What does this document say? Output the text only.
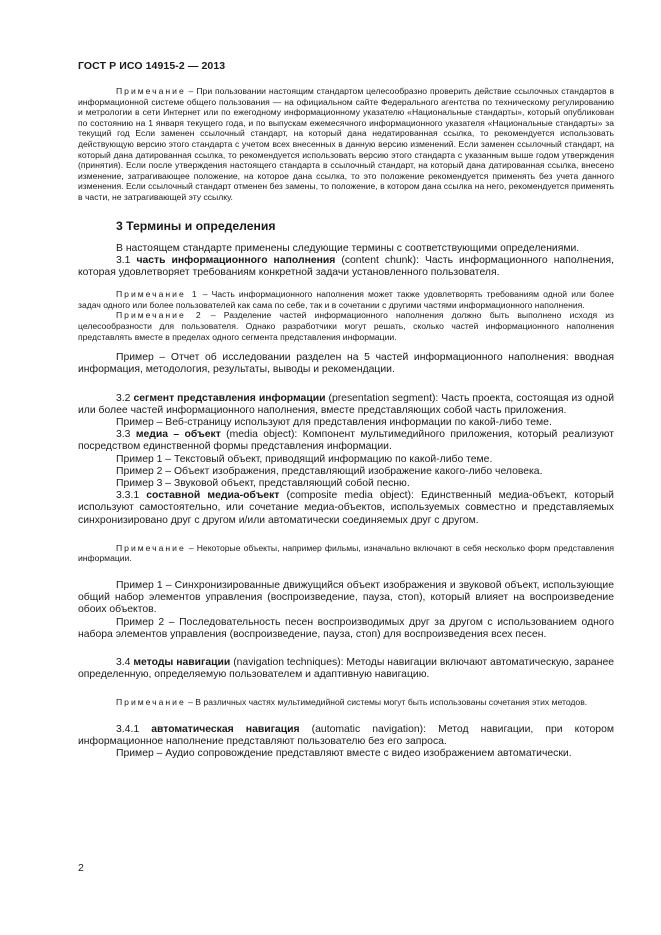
ГОСТ Р ИСО 14915-2 — 2013

Примечание – При пользовании настоящим стандартом целесообразно проверить действие ссылочных стандартов в информационной системе общего пользования — на официальном сайте Федерального агентства по техническому регулированию и метрологии в сети Интернет или по ежегодному информационному указателю «Национальные стандарты», который опубликован по состоянию на 1 января текущего года, и по выпускам ежемесячного информационного указателя «Национальные стандарты» за текущий год Если заменен ссылочный стандарт, на который дана недатированная ссылка, то рекомендуется использовать действующую версию этого стандарта с учетом всех внесенных в данную версию изменений. Если заменен ссылочный стандарт, на который дана датированная ссылка, то рекомендуется использовать версию этого стандарта с указанным выше годом утверждения (принятия). Если после утверждения настоящего стандарта в ссылочный стандарт, на который дана датированная ссылка, внесено изменение, затрагивающее положение, на которое дана ссылка, то это положение рекомендуется применять без учета данного изменения. Если ссылочный стандарт отменен без замены, то положение, в котором дана ссылка на него, рекомендуется применять в части, не затрагивающей эту ссылку.

3 Термины и определения

В настоящем стандарте применены следующие термины с соответствующими определениями.

3.1 часть информационного наполнения (content chunk): Часть информационного наполнения, которая удовлетворяет требованиям конкретной задачи установленного пользователя.

Примечание 1 – Часть информационного наполнения может также удовлетворять требованиям одной или более задач одного или более пользователей как сама по себе, так и в сочетании с другими частями информационного наполнения.

Примечание 2 – Разделение частей информационного наполнения должно быть выполнено исходя из целесообразности для пользователя. Однако разработчики могут решать, сколько частей информационного наполнения представлять вместе в пределах одного сегмента представления информации.

Пример – Отчет об исследовании разделен на 5 частей информационного наполнения: вводная информация, методология, результаты, выводы и рекомендации.

3.2 сегмент представления информации (presentation segment): Часть проекта, состоящая из одной или более частей информационного наполнения, вместе представляющих собой часть приложения.

Пример – Веб-страницу используют для представления информации по какой-либо теме.

3.3 медиа – объект (media object): Компонент мультимедийного приложения, который реализуют посредством единственной формы представления информации.

Пример 1 – Текстовый объект, приводящий информацию по какой-либо теме.

Пример 2 – Объект изображения, представляющий изображение какого-либо человека.

Пример 3 – Звуковой объект, представляющий собой песню.

3.3.1 составной медиа-объект (composite media object): Единственный медиа-объект, который используют самостоятельно, или сочетание медиа-объектов, используемых совместно и представляемых синхронизировано друг с другом и/или автоматически соединяемых друг с другом.

Примечание – Некоторые объекты, например фильмы, изначально включают в себя несколько форм представления информации.

Пример 1 – Синхронизированные движущийся объект изображения и звуковой объект, использующие общий набор элементов управления (воспроизведение, пауза, стоп), который влияет на воспроизведение обоих объектов.

Пример 2 – Последовательность песен воспроизводимых друг за другом с использованием одного набора элементов управления (воспроизведение, пауза, стоп) для воспроизведения всех песен.

3.4 методы навигации (navigation techniques): Методы навигации включают автоматическую, заранее определенную, определяемую пользователем и адаптивную навигацию.

Примечание – В различных частях мультимедийной системы могут быть использованы сочетания этих методов.

3.4.1 автоматическая навигация (automatic navigation): Метод навигации, при котором информационное наполнение представляют пользователю без его запроса.

Пример – Аудио сопровождение представляют вместе с видео изображением автоматически.

2
